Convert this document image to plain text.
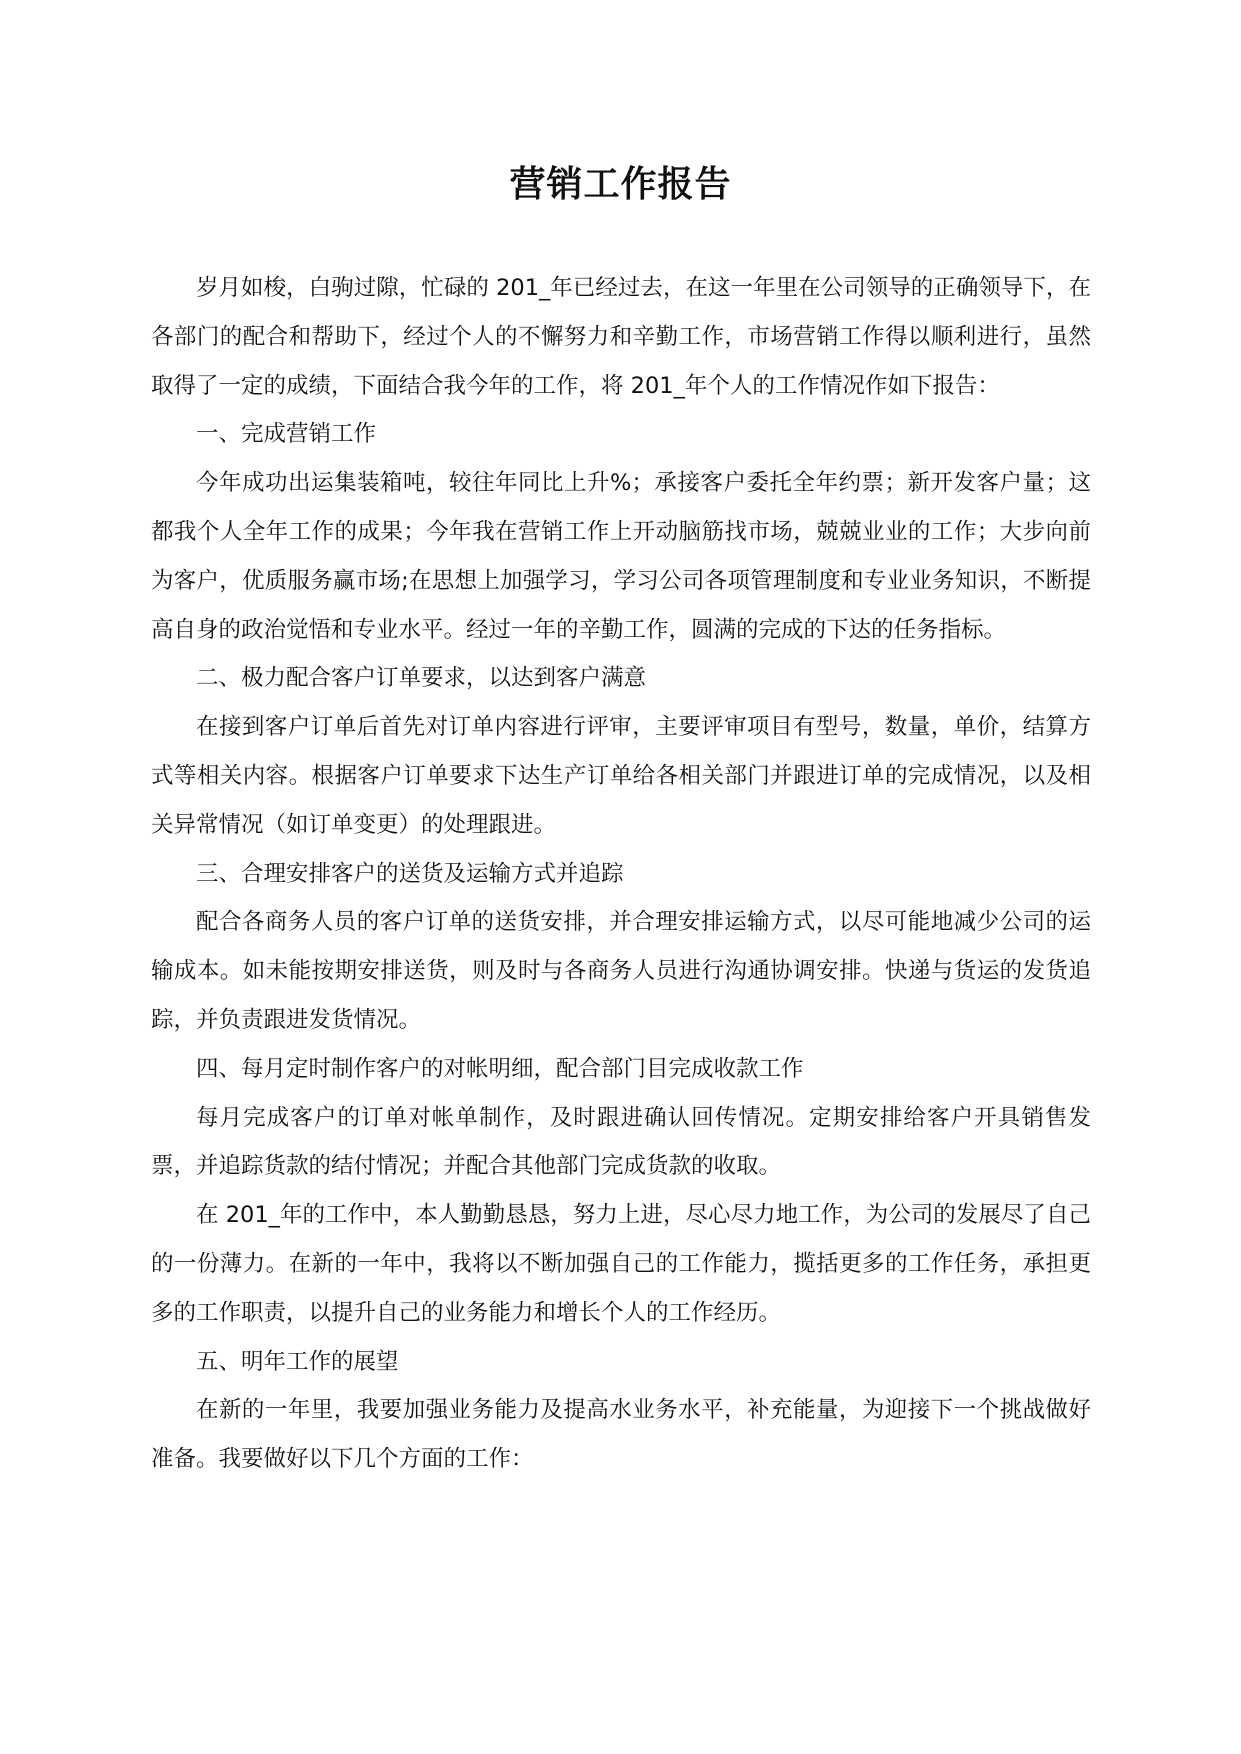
营销工作报告

岁月如梭，白驹过隙，忙碌的 201_年已经过去，在这一年里在公司领导的正确领导下，在各部门的配合和帮助下，经过个人的不懈努力和辛勤工作，市场营销工作得以顺利进行，虽然取得了一定的成绩，下面结合我今年的工作，将 201_年个人的工作情况作如下报告：

一、完成营销工作

今年成功出运集装箱吨，较往年同比上升%；承接客户委托全年约票；新开发客户量；这都我个人全年工作的成果；今年我在营销工作上开动脑筋找市场，兢兢业业的工作；大步向前为客户，优质服务赢市场;在思想上加强学习，学习公司各项管理制度和专业业务知识，不断提高自身的政治觉悟和专业水平。经过一年的辛勤工作，圆满的完成的下达的任务指标。

二、极力配合客户订单要求，以达到客户满意

在接到客户订单后首先对订单内容进行评审，主要评审项目有型号，数量，单价，结算方式等相关内容。根据客户订单要求下达生产订单给各相关部门并跟进订单的完成情况，以及相关异常情况（如订单变更）的处理跟进。

三、合理安排客户的送货及运输方式并追踪

配合各商务人员的客户订单的送货安排，并合理安排运输方式，以尽可能地减少公司的运输成本。如未能按期安排送货，则及时与各商务人员进行沟通协调安排。快递与货运的发货追踪，并负责跟进发货情况。

四、每月定时制作客户的对帐明细，配合部门目完成收款工作

每月完成客户的订单对帐单制作，及时跟进确认回传情况。定期安排给客户开具销售发票，并追踪货款的结付情况；并配合其他部门完成货款的收取。

在 201_年的工作中，本人勤勤恳恳，努力上进，尽心尽力地工作，为公司的发展尽了自己的一份薄力。在新的一年中，我将以不断加强自己的工作能力，揽括更多的工作任务，承担更多的工作职责，以提升自己的业务能力和增长个人的工作经历。

五、明年工作的展望

在新的一年里，我要加强业务能力及提高水业务水平，补充能量，为迎接下一个挑战做好准备。我要做好以下几个方面的工作：
